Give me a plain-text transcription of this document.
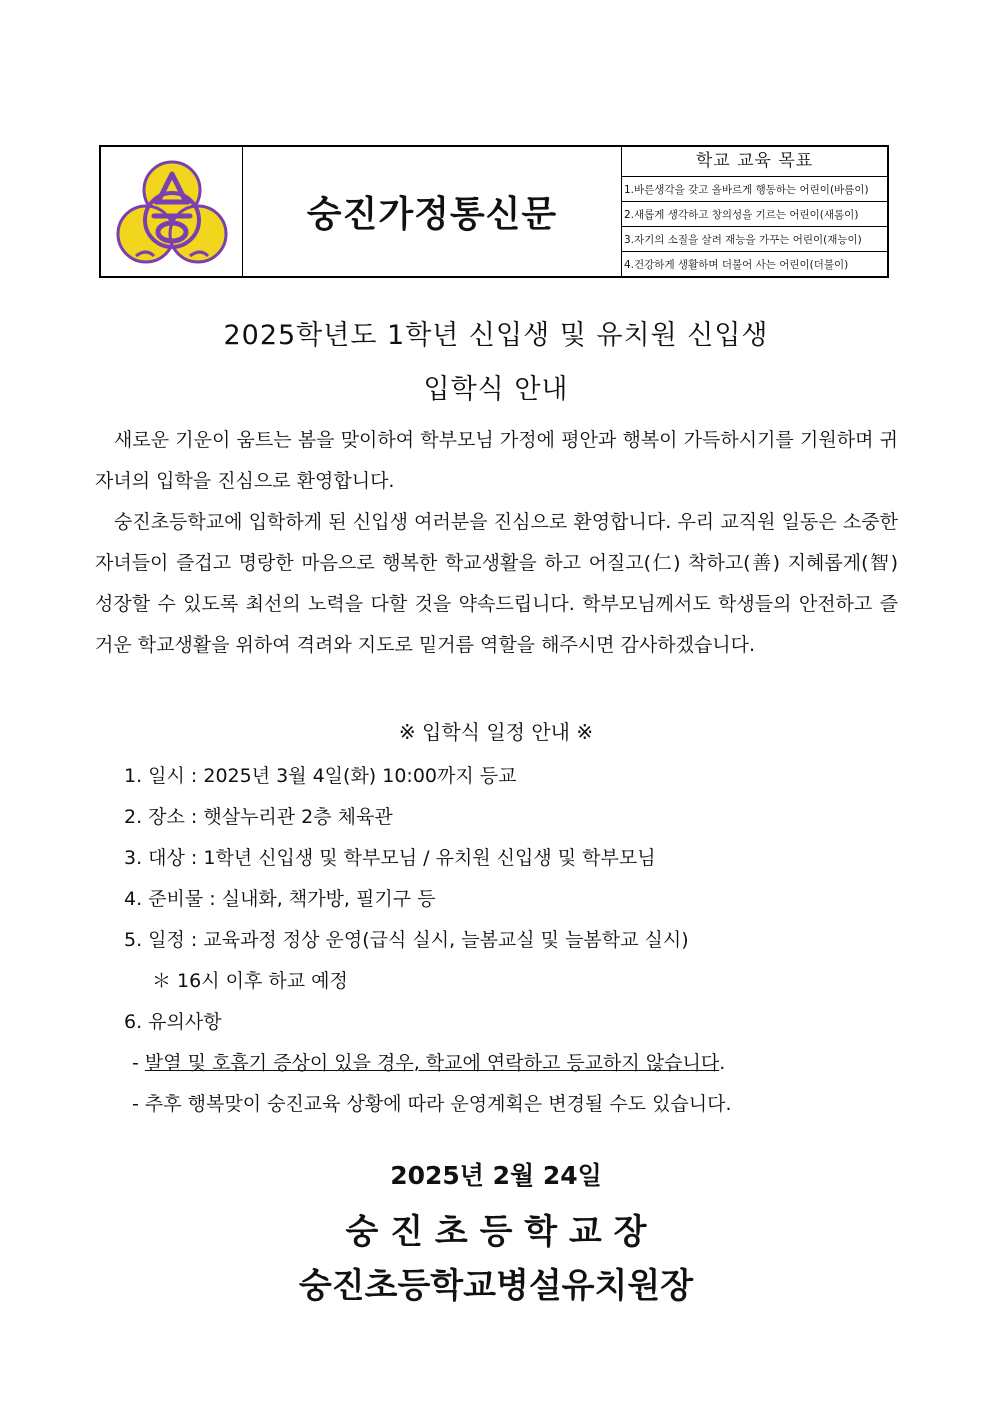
숭진가정통신문
학교 교육 목표
1.바른생각을 갖고 올바르게 행동하는 어린이(바름이)
2.새롭게 생각하고 창의성을 기르는 어린이(새롬이)
3.자기의 소질을 살려 재능을 가꾸는 어린이(재능이)
4.건강하게 생활하며 더불어 사는 어린이(더불이)
2025학년도 1학년 신입생 및 유치원 신입생
입학식 안내

새로운 기운이 움트는 봄을 맞이하여 학부모님 가정에 평안과 행복이 가득하시기를 기원하며 귀 자녀의 입학을 진심으로 환영합니다.

숭진초등학교에 입학하게 된 신입생 여러분을 진심으로 환영합니다. 우리 교직원 일동은 소중한 자녀들이 즐겁고 명랑한 마음으로 행복한 학교생활을 하고 어질고(仁) 착하고(善) 지혜롭게(智) 성장할 수 있도록 최선의 노력을 다할 것을 약속드립니다. 학부모님께서도 학생들의 안전하고 즐거운 학교생활을 위하여 격려와 지도로 밑거름 역할을 해주시면 감사하겠습니다.

※ 입학식 일정 안내 ※
1. 일시 : 2025년 3월 4일(화) 10:00까지 등교
2. 장소 : 햇살누리관 2층 체육관
3. 대상 : 1학년 신입생 및 학부모님 / 유치원 신입생 및 학부모님
4. 준비물 : 실내화, 책가방, 필기구 등
5. 일정 : 교육과정 정상 운영(급식 실시, 늘봄교실 및 늘봄학교 실시)
＊ 16시 이후 하교 예정
6. 유의사항
- 발열 및 호흡기 증상이 있을 경우, 학교에 연락하고 등교하지 않습니다.
- 추후 행복맞이 숭진교육 상황에 따라 운영계획은 변경될 수도 있습니다.
2025년 2월 24일
숭 진 초 등 학 교 장
숭진초등학교병설유치원장
